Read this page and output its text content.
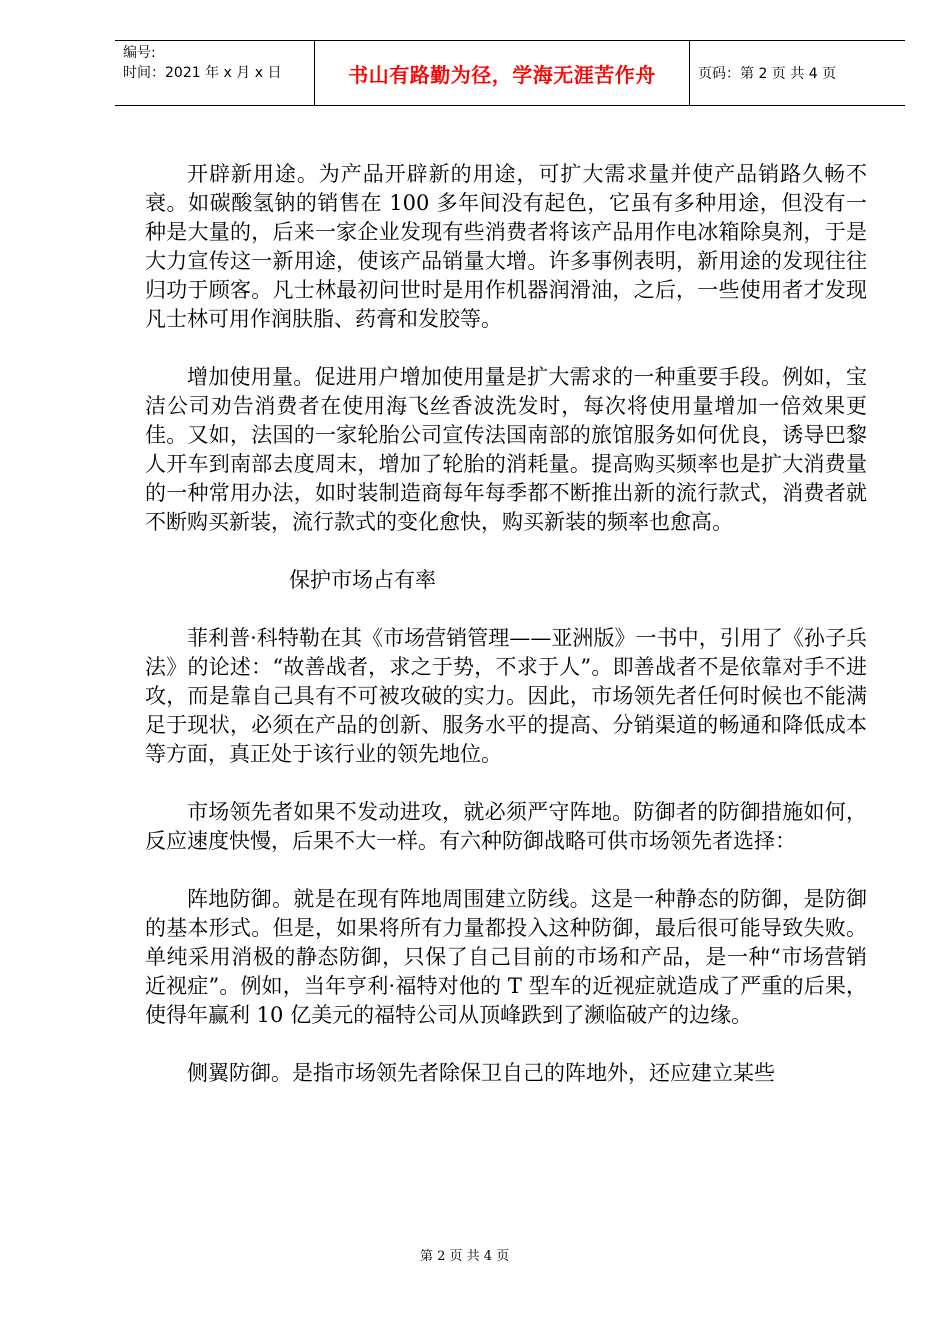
编号:
时间：2021 年 x 月 x 日	书山有路勤为径，学海无涯苦作舟	页码：第 2 页 共 4 页

开辟新用途。为产品开辟新的用途，可扩大需求量并使产品销路久畅不衰。如碳酸氢钠的销售在 100 多年间没有起色，它虽有多种用途，但没有一种是大量的，后来一家企业发现有些消费者将该产品用作电冰箱除臭剂，于是大力宣传这一新用途，使该产品销量大增。许多事例表明，新用途的发现往往归功于顾客。凡士林最初问世时是用作机器润滑油，之后，一些使用者才发现凡士林可用作润肤脂、药膏和发胶等。

增加使用量。促进用户增加使用量是扩大需求的一种重要手段。例如，宝洁公司劝告消费者在使用海飞丝香波洗发时，每次将使用量增加一倍效果更佳。又如，法国的一家轮胎公司宣传法国南部的旅馆服务如何优良，诱导巴黎人开车到南部去度周末，增加了轮胎的消耗量。提高购买频率也是扩大消费量的一种常用办法，如时装制造商每年每季都不断推出新的流行款式，消费者就不断购买新装，流行款式的变化愈快，购买新装的频率也愈高。

保护市场占有率

菲利普·科特勒在其《市场营销管理——亚洲版》一书中，引用了《孙子兵法》的论述：“故善战者，求之于势，不求于人”。即善战者不是依靠对手不进攻，而是靠自己具有不可被攻破的实力。因此，市场领先者任何时候也不能满足于现状，必须在产品的创新、服务水平的提高、分销渠道的畅通和降低成本等方面，真正处于该行业的领先地位。

市场领先者如果不发动进攻，就必须严守阵地。防御者的防御措施如何，反应速度快慢，后果不大一样。有六种防御战略可供市场领先者选择：

阵地防御。就是在现有阵地周围建立防线。这是一种静态的防御，是防御的基本形式。但是，如果将所有力量都投入这种防御，最后很可能导致失败。单纯采用消极的静态防御，只保了自己目前的市场和产品，是一种“市场营销近视症”。例如，当年亨利·福特对他的 T 型车的近视症就造成了严重的后果，使得年赢利 10 亿美元的福特公司从顶峰跌到了濒临破产的边缘。

侧翼防御。是指市场领先者除保卫自己的阵地外，还应建立某些

第 2 页 共 4 页
